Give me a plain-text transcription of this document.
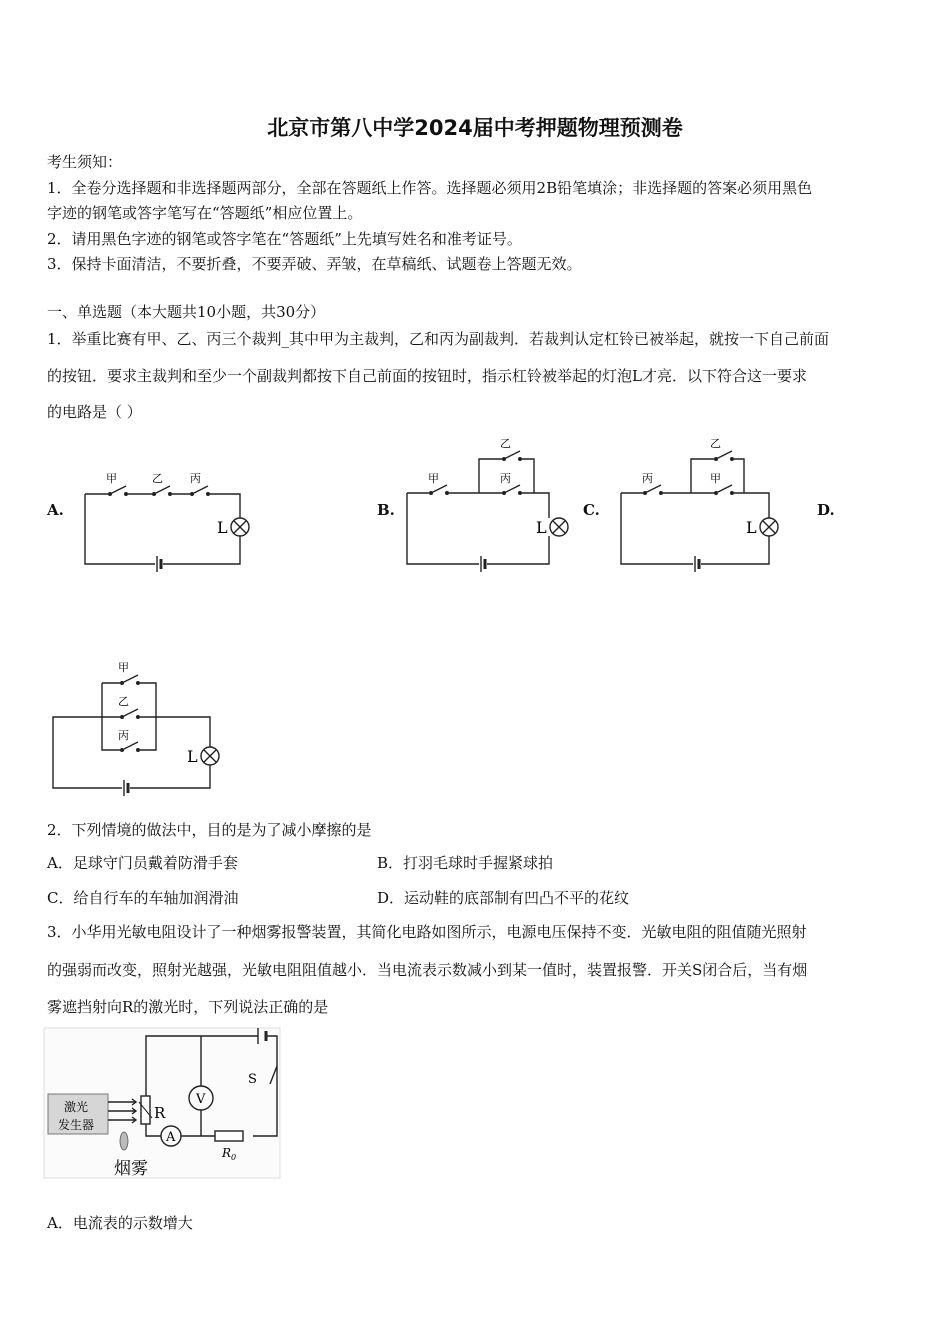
北京市第八中学2024届中考押题物理预测卷
考生须知：
1．全卷分选择题和非选择题两部分，全部在答题纸上作答。选择题必须用2B铅笔填涂；非选择题的答案必须用黑色
字迹的钢笔或答字笔写在“答题纸”相应位置上。
2．请用黑色字迹的钢笔或答字笔在“答题纸”上先填写姓名和准考证号。
3．保持卡面清洁，不要折叠，不要弄破、弄皱，在草稿纸、试题卷上答题无效。
一、单选题（本大题共10小题，共30分）
1．举重比赛有甲、乙、丙三个裁判_其中甲为主裁判，乙和丙为副裁判．若裁判认定杠铃已被举起，就按一下自己前面
的按钮．要求主裁判和至少一个副裁判都按下自己前面的按钮时，指示杠铃被举起的灯泡L才亮．以下符合这一要求
的电路是（ ）
A.	B.	C.	D.
甲	乙 丙
L
甲
乙
丙
L
丙
乙
甲
L
甲
乙
丙
L
2．下列情境的做法中，目的是为了减小摩擦的是
A．足球守门员戴着防滑手套	B．打羽毛球时手握紧球拍
C．给自行车的车轴加润滑油	D．运动鞋的底部制有凹凸不平的花纹
3．小华用光敏电阻设计了一种烟雾报警装置，其简化电路如图所示，电源电压保持不变．光敏电阻的阻值随光照射
的强弱而改变，照射光越强，光敏电阻阻值越小．当电流表示数减小到某一值时，装置报警．开关S闭合后，当有烟
雾遮挡射向R的激光时，下列说法正确的是
激光
发生器
R
V
A
$R_0$
S
烟雾
A．电流表的示数增大
